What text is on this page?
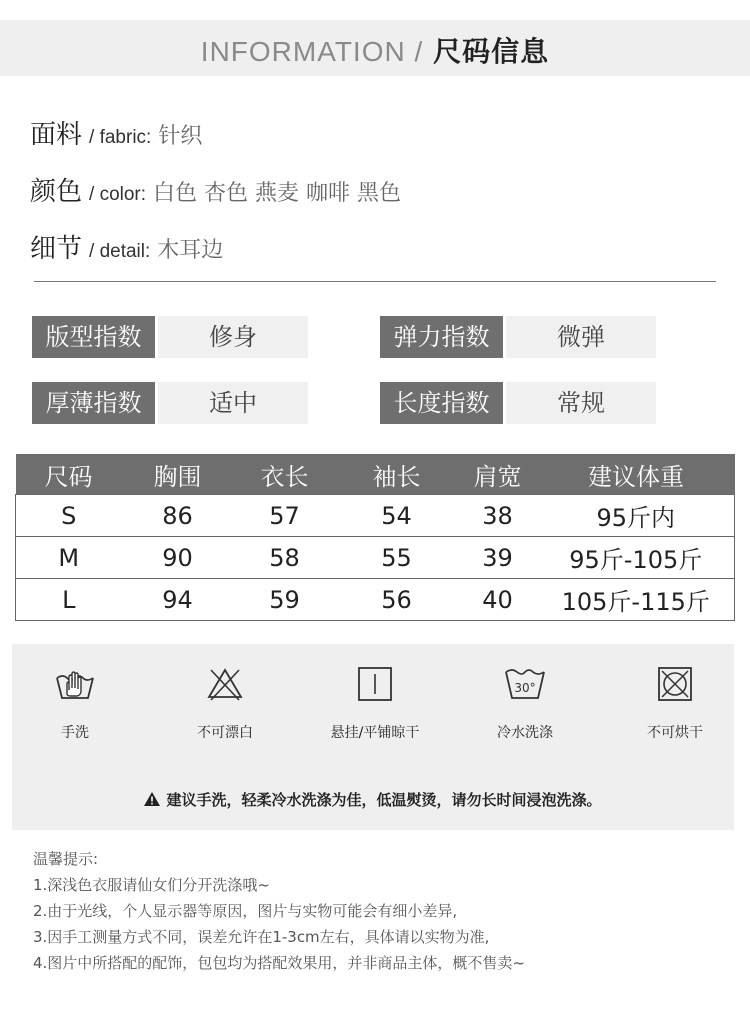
INFORMATION / 尺码信息
面料 / fabric: 针织
颜色 / color: 白色 杏色 燕麦 咖啡 黑色
细节 / detail: 木耳边
版型指数	修身	弹力指数	微弹
厚薄指数	适中	长度指数	常规
尺码	胸围	衣长	袖长	肩宽	建议体重
S	86	57	54	38	95斤内
M	90	58	55	39	95斤-105斤
L	94	59	56	40	105斤-115斤
手洗	不可漂白	悬挂/平铺晾干
30°
冷水洗涤	不可烘干
建议手洗，轻柔冷水洗涤为佳，低温熨烫，请勿长时间浸泡洗涤。
温馨提示:
1.深浅色衣服请仙女们分开洗涤哦~
2.由于光线，个人显示器等原因，图片与实物可能会有细小差异,
3.因手工测量方式不同，误差允许在1-3cm左右，具体请以实物为准,
4.图片中所搭配的配饰，包包均为搭配效果用，并非商品主体，概不售卖~
